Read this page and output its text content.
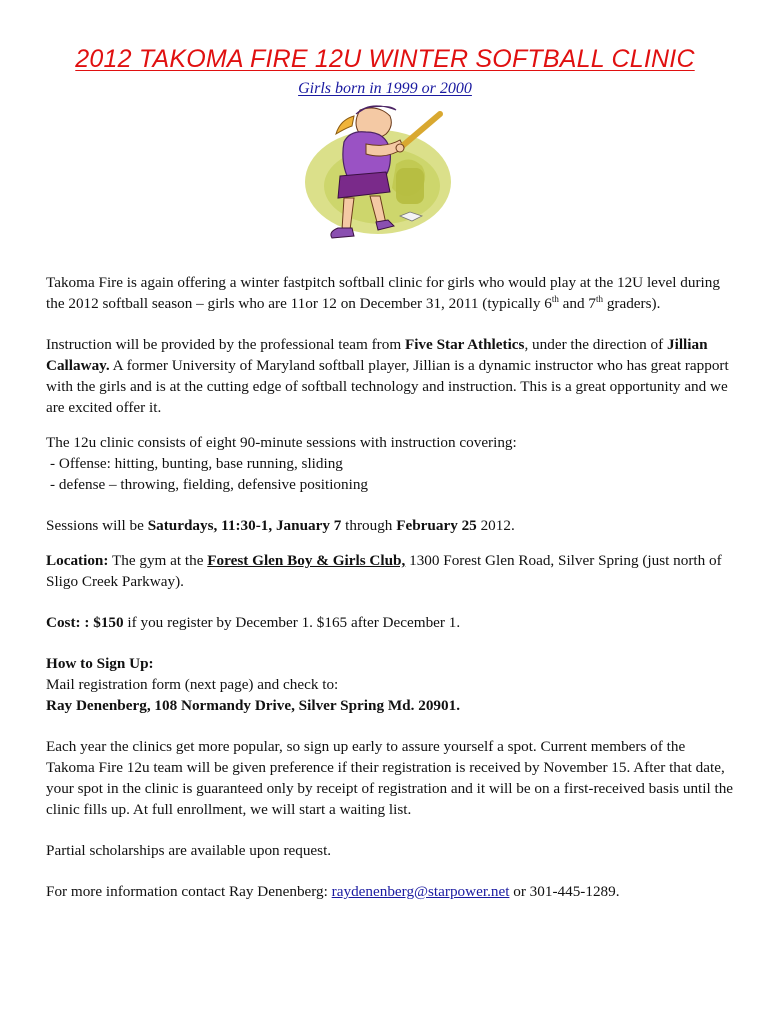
2012 TAKOMA FIRE 12U WINTER SOFTBALL CLINIC
Girls born in 1999 or 2000

Takoma Fire is again offering a winter fastpitch softball clinic for girls who would play at the 12U level during the 2012 softball season – girls who are 11or 12 on December 31, 2011 (typically 6th and 7th graders).

Instruction will be provided by the professional team from Five Star Athletics, under the direction of Jillian Callaway. A former University of Maryland softball player, Jillian is a dynamic instructor who has great rapport with the girls and is at the cutting edge of softball technology and instruction. This is a great opportunity and we are excited offer it.

The 12u clinic consists of eight 90-minute sessions with instruction covering:
- Offense: hitting, bunting, base running, sliding
- defense – throwing, fielding, defensive positioning

Sessions will be Saturdays, 11:30-1, January 7 through February 25 2012.

Location: The gym at the Forest Glen Boy & Girls Club, 1300 Forest Glen Road, Silver Spring (just north of Sligo Creek Parkway).

Cost: : $150 if you register by December 1. $165 after December 1.

How to Sign Up:
Mail registration form (next page) and check to:
Ray Denenberg, 108 Normandy Drive, Silver Spring Md. 20901.

Each year the clinics get more popular, so sign up early to assure yourself a spot. Current members of the Takoma Fire 12u team will be given preference if their registration is received by November 15. After that date, your spot in the clinic is guaranteed only by receipt of registration and it will be on a first-received basis until the clinic fills up. At full enrollment, we will start a waiting list.

Partial scholarships are available upon request.

For more information contact Ray Denenberg: raydenenberg@starpower.net or 301-445-1289.
